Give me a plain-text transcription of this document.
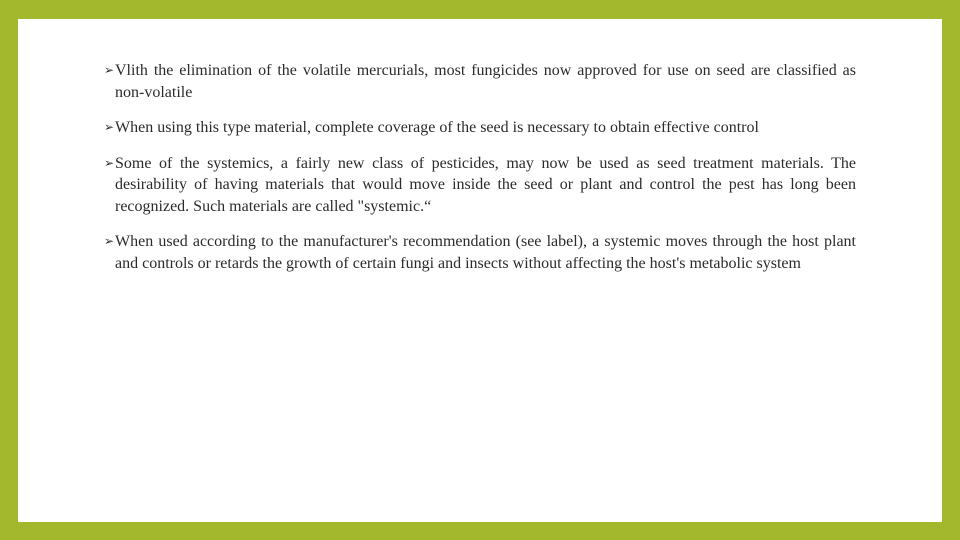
➢ Vlith the elimination of the volatile mercurials, most fungicides now approved for use on seed are classified as non-volatile
➢ When using this type material, complete coverage of the seed is necessary to obtain effective control
➢ Some of the systemics, a fairly new class of pesticides, may now be used as seed treatment materials. The desirability of having materials that would move inside the seed or plant and control the pest has long been recognized. Such materials are called "systemic.“
➢ When used according to the manufacturer's recommendation (see label), a systemic moves through the host plant and controls or retards the growth of certain fungi and insects without affecting the host's metabolic system
